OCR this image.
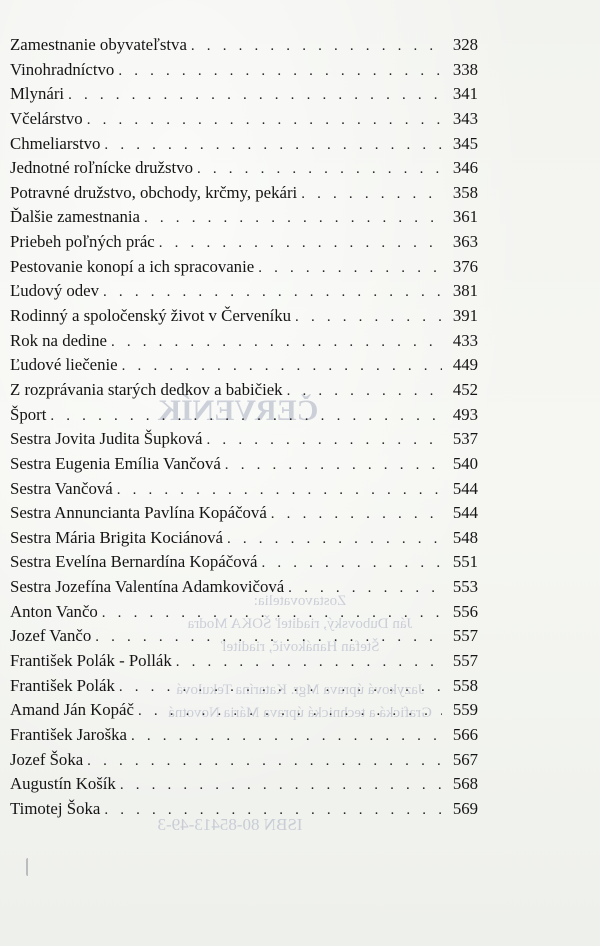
ČERVENÍK
Zostavovatelia:
Ján Dubovský, riaditeľ ŠOKA Modra
Štefan Hanákovič, riaditeľ
Jazyková úprava Mgr. Katarína Tekulová
Grafická a technická úprava Mária Novotná
ISBN 80-85413-49-3
Zamestnanie obyvateľstva . . .	328
Vinohradníctvo . . .	338
Mlynári . . .	341
Včelárstvo . . .	343
Chmeliarstvo . . .	345
Jednotné roľnícke družstvo . . .	346
Potravné družstvo, obchody, krčmy, pekári . . .	358
Ďalšie zamestnania . . .	361
Priebeh poľných prác . . .	363
Pestovanie konopí a ich spracovanie . . .	376
Ľudový odev . . .	381
Rodinný a spoločenský život v Červeníku . . .	391
Rok na dedine . . .	433
Ľudové liečenie . . .	449
Z rozprávania starých dedkov a babičiek . . .	452
Šport . . .	493
Sestra Jovita Judita Šupková . . .	537
Sestra Eugenia Emília Vančová . . .	540
Sestra Vančová . . .	544
Sestra Annuncianta Pavlína Kopáčová . . .	544
Sestra Mária Brigita Kociánová . . .	548
Sestra Evelína Bernardína Kopáčová . . .	551
Sestra Jozefína Valentína Adamkovičová . . .	553
Anton Vančo . . .	556
Jozef Vančo . . .	557
František Polák - Pollák . . .	557
František Polák . . .	558
Amand Ján Kopáč . . .	559
František Jaroška . . .	566
Jozef Šoka . . .	567
Augustín Košík . . .	568
Timotej Šoka . . .	569
